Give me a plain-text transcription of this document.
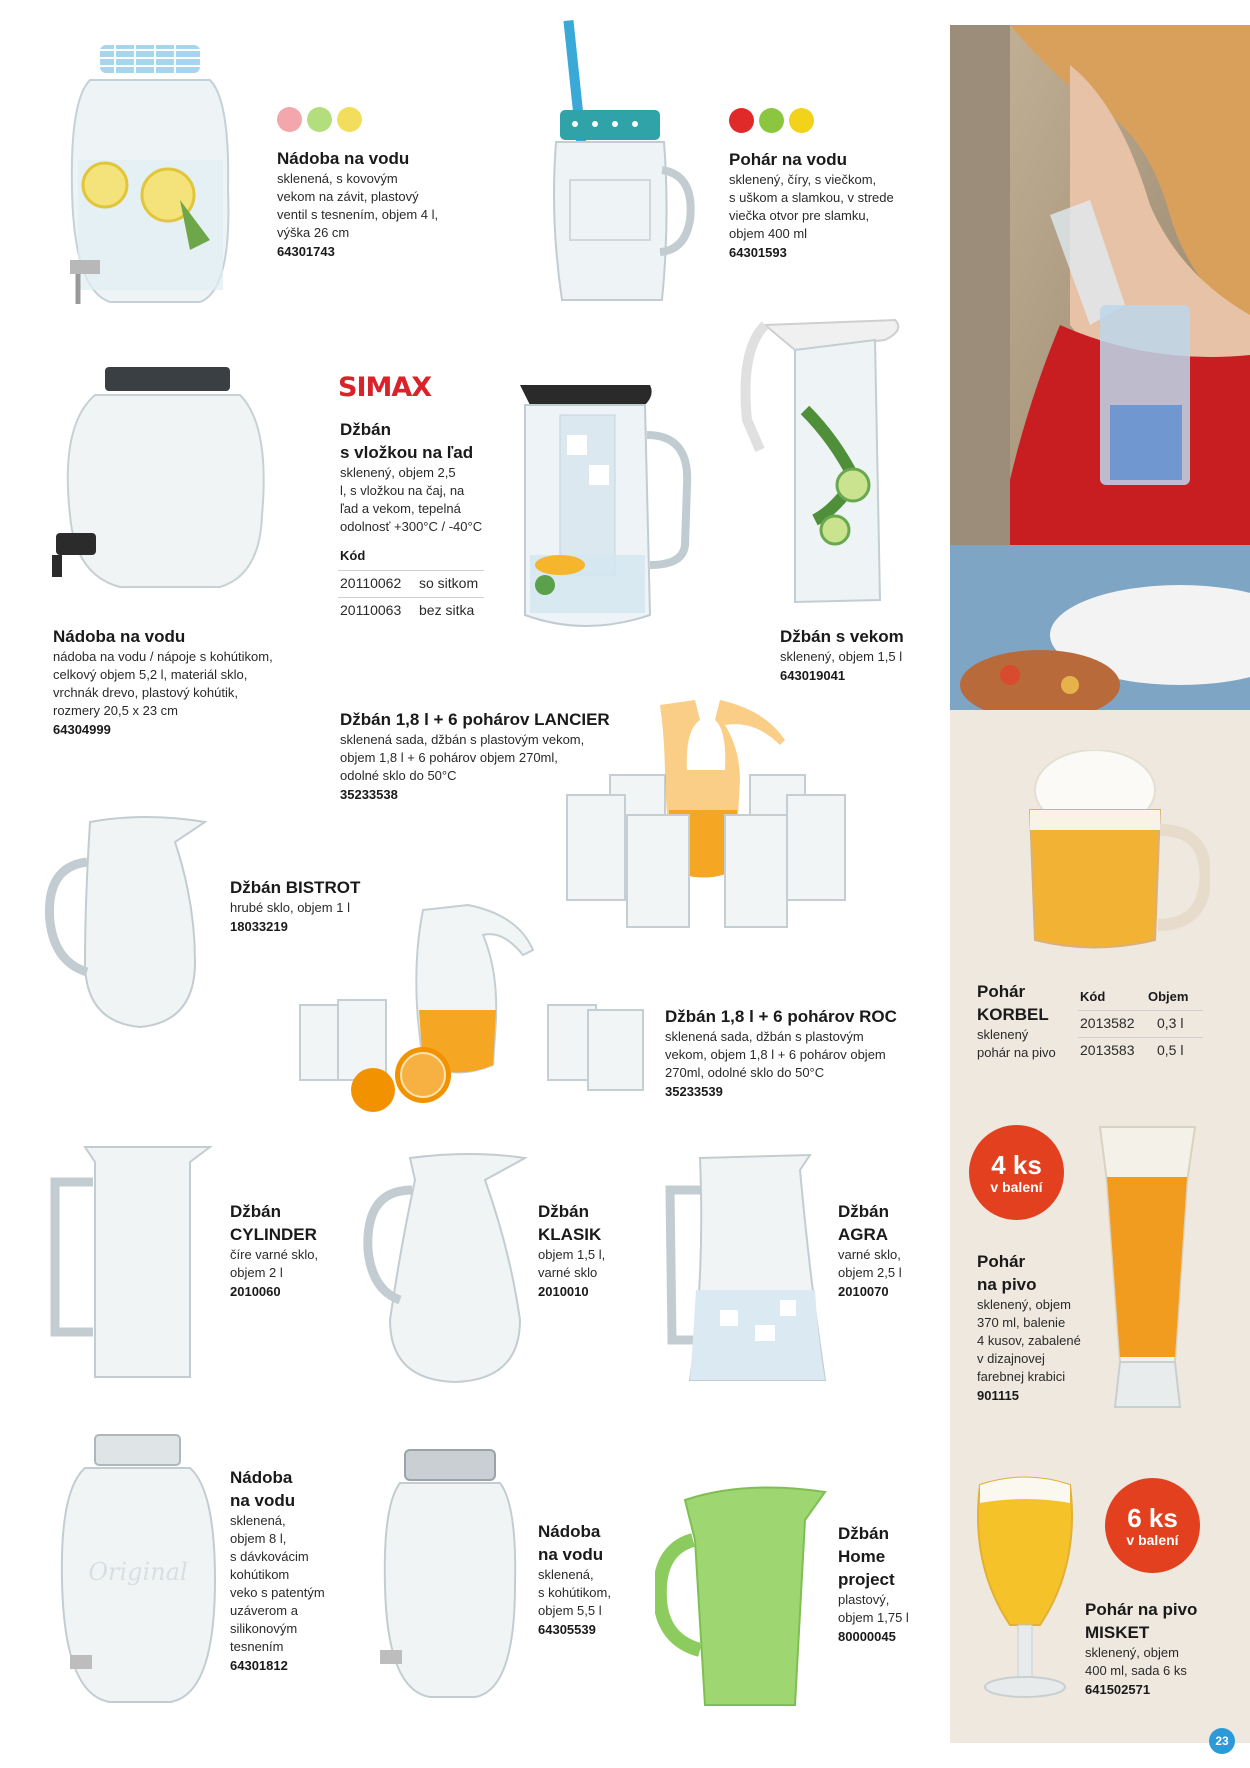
Nádoba na vodu
sklenená, s kovovým
vekom na závit, plastový
ventil s tesnením, objem 4 l,
výška 26 cm
64301743
Pohár na vodu
sklenený, číry, s viečkom,
s uškom a slamkou, v strede
viečka otvor pre slamku,
objem 400 ml
64301593
Nádoba na vodu
nádoba na vodu / nápoje s kohútikom,
celkový objem 5,2 l, materiál sklo,
vrchnák drevo, plastový kohútik,
rozmery 20,5 x 23 cm
64304999
SIMAX
Džbán
s vložkou na ľad
sklenený, objem 2,5
l, s vložkou na čaj, na
ľad a vekom, tepelná
odolnosť +300°C / -40°C
Kód
20110062 so sitkom
20110063 bez sitka
Džbán s vekom
sklenený, objem 1,5 l
643019041
Džbán 1,8 l + 6 pohárov LANCIER
sklenená sada, džbán s plastovým vekom,
objem 1,8 l + 6 pohárov objem 270ml,
odolné sklo do 50°C
35233538
Pohár
KORBEL
sklenený
pohár na pivo
Kód	Objem
2013582 0,3 l
2013583 0,5 l
Džbán BISTROT
hrubé sklo, objem 1 l
18033219
Džbán 1,8 l + 6 pohárov ROC
sklenená sada, džbán s plastovým
vekom, objem 1,8 l + 6 pohárov objem
270ml, odolné sklo do 50°C
35233539
Džbán
CYLINDER
číre varné sklo,
objem 2 l
2010060
Džbán
KLASIK
objem 1,5 l,
varné sklo
2010010
Džbán
AGRA
varné sklo,
objem 2,5 l
2010070
4 ks
v balení
Pohár
na pivo
sklenený, objem
370 ml, balenie
4 kusov, zabalené
v dizajnovej
farebnej krabici
901115
Original
Nádoba
na vodu
sklenená,
objem 8 l,
s dávkovácim
kohútikom
veko s patentým
uzáverom a
silikonovým
tesnením
64301812
Nádoba
na vodu
sklenená,
s kohútikom,
objem 5,5 l
64305539
Džbán
Home
project
plastový,
objem 1,75 l
80000045
6 ks
v balení
Pohár na pivo
MISKET
sklenený, objem
400 ml, sada 6 ks
641502571
23
